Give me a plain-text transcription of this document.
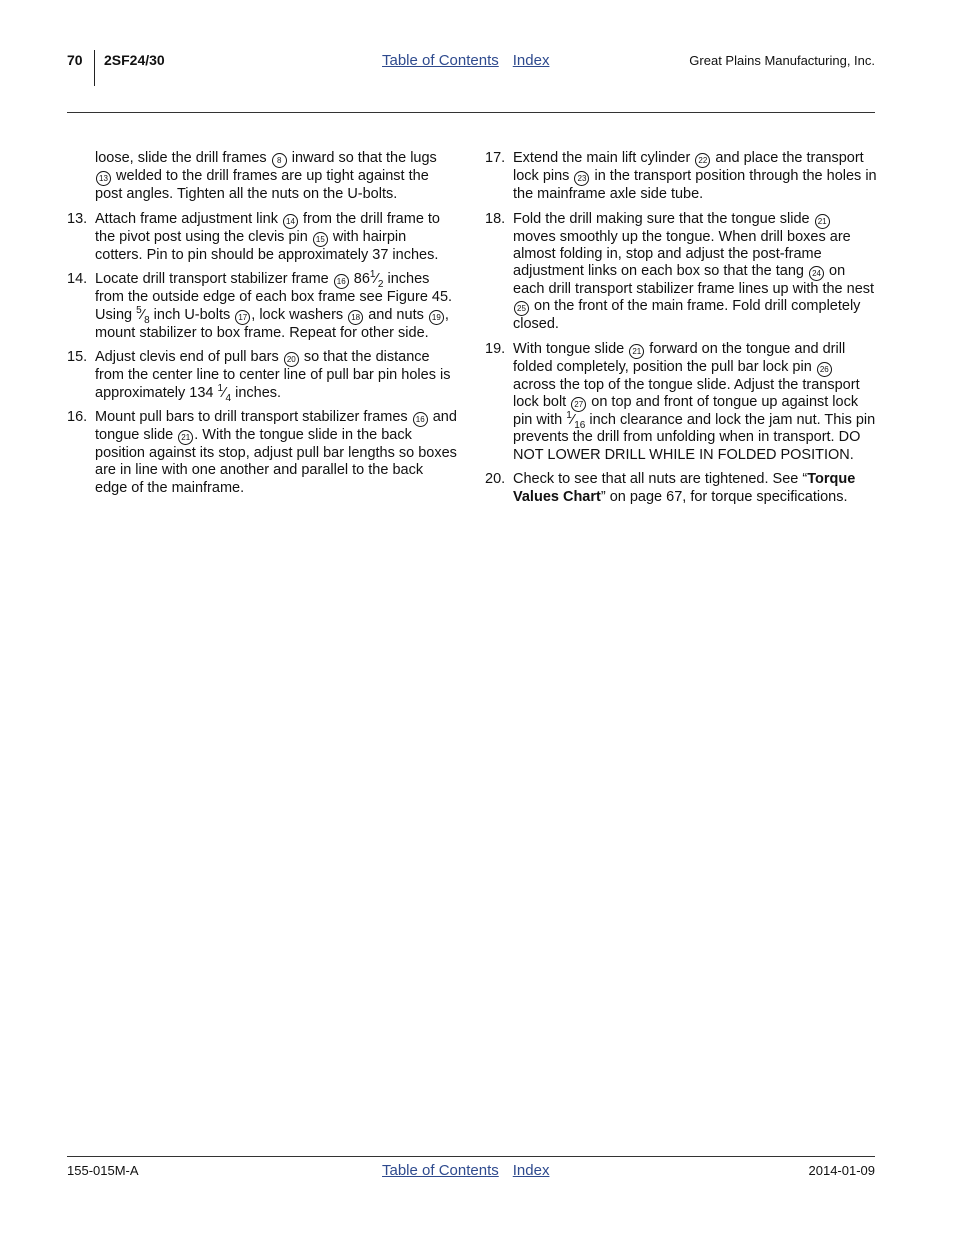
70 2SF24/30	Table of Contents Index	Great Plains Manufacturing, Inc.
loose, slide the drill frames 8 inward so that the lugs 13 welded to the drill frames are up tight against the post angles. Tighten all the nuts on the U-bolts.
13. Attach frame adjustment link 14 from the drill frame to the pivot post using the clevis pin 15 with hairpin cotters. Pin to pin should be approximately 37 inches.
14. Locate drill transport stabilizer frame 16 $86^1⁄_2$ inches from the outside edge of each box frame see Figure 45. Using $^5⁄_8$ inch U-bolts 17 , lock washers 18 and nuts 19 , mount stabilizer to box frame. Repeat for other side.
15. Adjust clevis end of pull bars 20 so that the distance from the center line to center line of pull bar pin holes is approximately 134 $^1⁄_4$ inches.
16. Mount pull bars to drill transport stabilizer frames 16 and tongue slide 21 . With the tongue slide in the back position against its stop, adjust pull bar lengths so boxes are in line with one another and parallel to the back edge of the mainframe.
17. Extend the main lift cylinder 22 and place the transport lock pins 23 in the transport position through the holes in the mainframe axle side tube.
18. Fold the drill making sure that the tongue slide 21 moves smoothly up the tongue. When drill boxes are almost folding in, stop and adjust the post-frame adjustment links on each box so that the tang 24 on each drill transport stabilizer frame lines up with the nest 25 on the front of the main frame. Fold drill completely closed.
19. With tongue slide 21 forward on the tongue and drill folded completely, position the pull bar lock pin 26 across the top of the tongue slide. Adjust the transport lock bolt 27 on top and front of tongue up against lock pin with $^1⁄_{16}$ inch clearance and lock the jam nut. This pin prevents the drill from unfolding when in transport. DO NOT LOWER DRILL WHILE IN FOLDED POSITION.
20. Check to see that all nuts are tightened. See “Torque Values Chart” on page 67, for torque specifications.
155-015M-A	Table of Contents Index	2014-01-09
